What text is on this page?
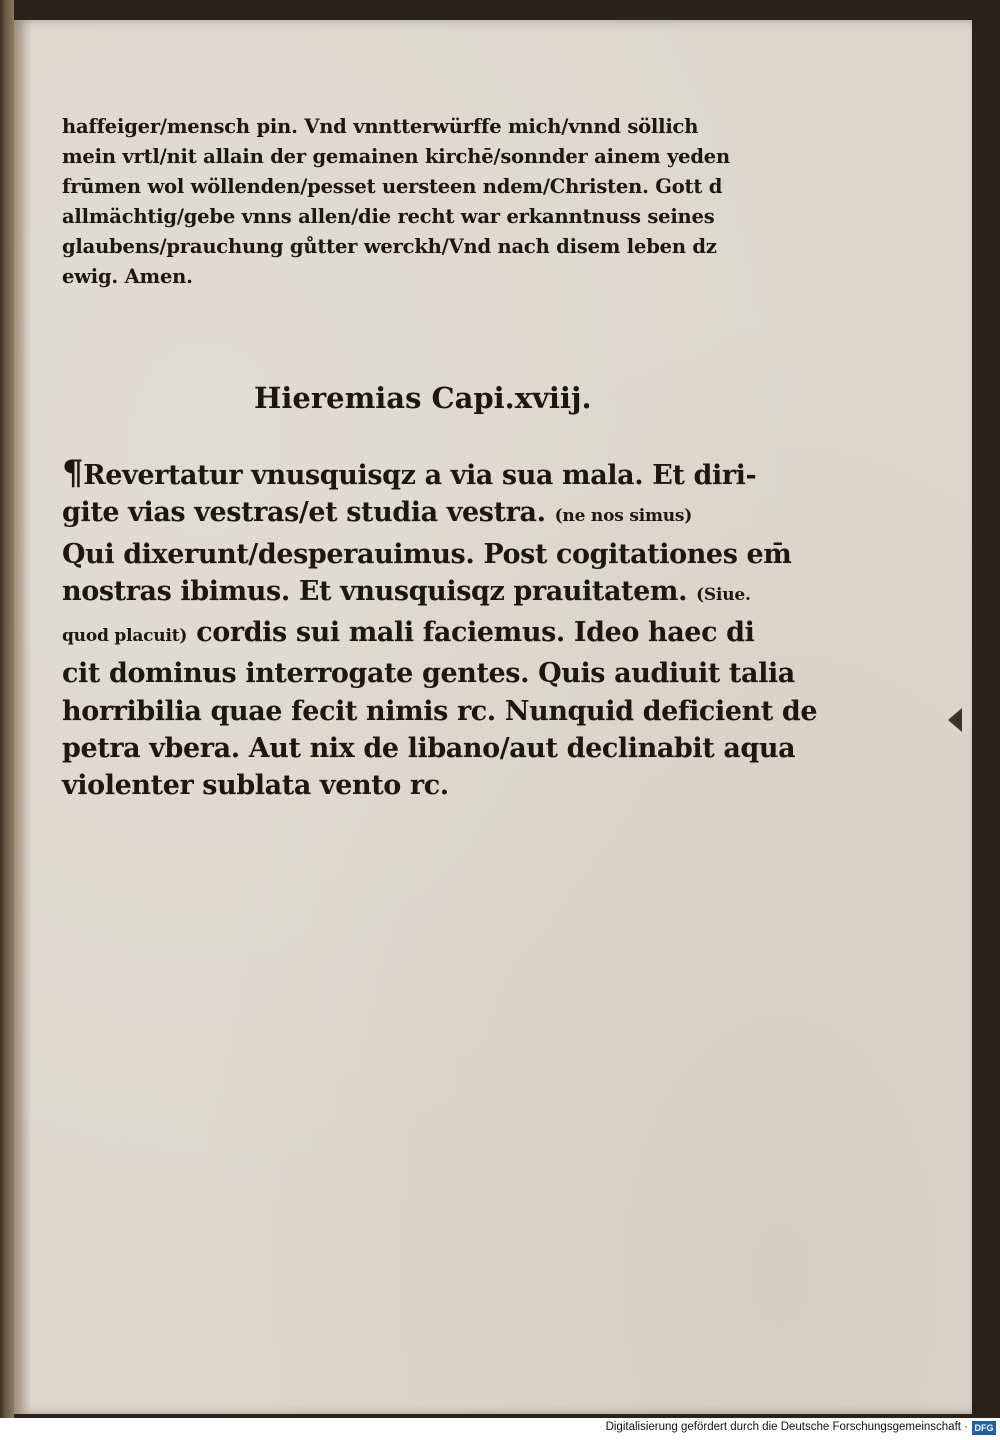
haffeiger/mensch pin. Vnd vnntterwürffe mich/vnnd söllich
mein vrtl/nit allain der gemainen kirchē/sonnder ainem yeden
frūmen wol wöllenden/pesset uersteen ndem/Christen. Gott d
allmächtig/gebe vnns allen/die recht war erkanntnuss seines
glaubens/prauchung gůtter werckh/Vnd nach disem leben dz
ewig. Amen.
Hieremias Capi.xviij.
¶Revertatur vnusquisqz a via sua mala. Et diri-
gite vias vestras/et studia vestra. (ne nos simus)
Qui dixerunt/desperauimus. Post cogitationes em̄
nostras ibimus. Et vnusquisqz prauitatem. (Siue.
quod placuit) cordis sui mali faciemus. Ideo haec di
cit dominus interrogate gentes. Quis audiuit talia
horribilia quae fecit nimis rc. Nunquid deficient de
petra vbera. Aut nix de libano/aut declinabit aqua
violenter sublata vento rc.
Digitalisierung gefördert durch die Deutsche Forschungsgemeinschaft · DFG
